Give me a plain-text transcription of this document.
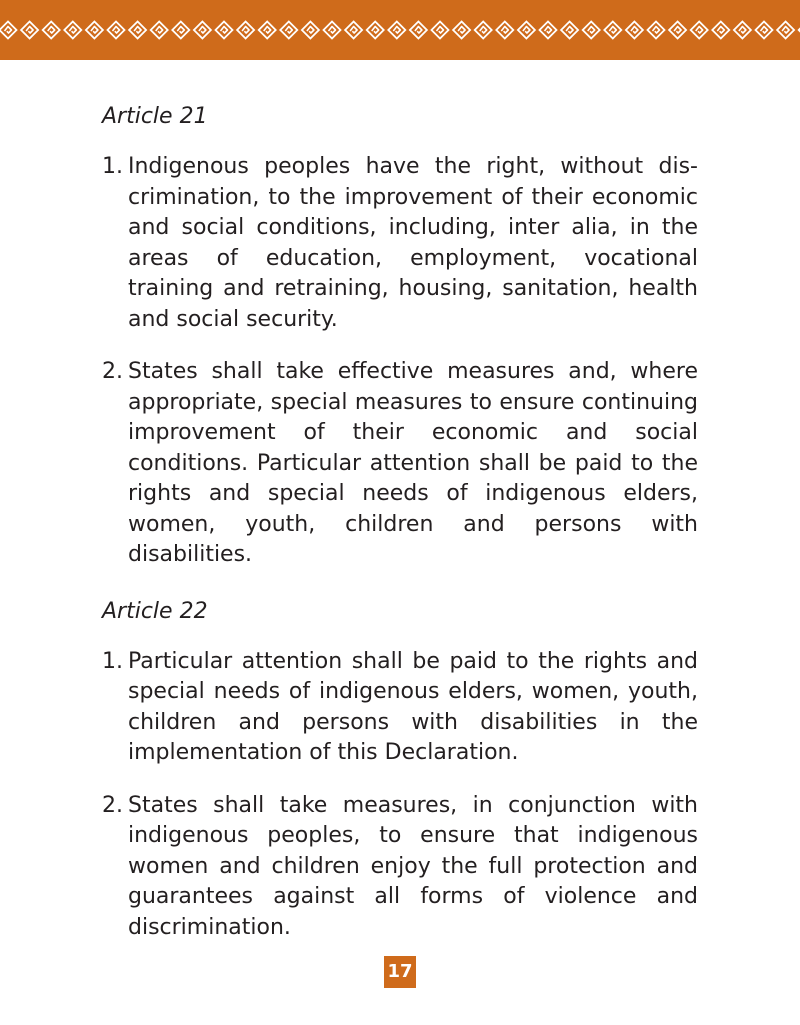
Article 21
1. Indigenous peoples have the right, without discrimination, to the improvement of their economic and social conditions, including, inter alia, in the areas of education, employment, vocational training and retraining, housing, sanitation, health and social security.
2. States shall take effective measures and, where appropriate, special measures to ensure continuing improvement of their economic and social conditions. Particular attention shall be paid to the rights and special needs of indigenous elders, women, youth, children and persons with disabilities.
Article 22
1. Particular attention shall be paid to the rights and special needs of indigenous elders, women, youth, children and persons with disabilities in the implementation of this Declaration.
2. States shall take measures, in conjunction with indigenous peoples, to ensure that indigenous women and children enjoy the full protection and guarantees against all forms of violence and discrimination.
17
